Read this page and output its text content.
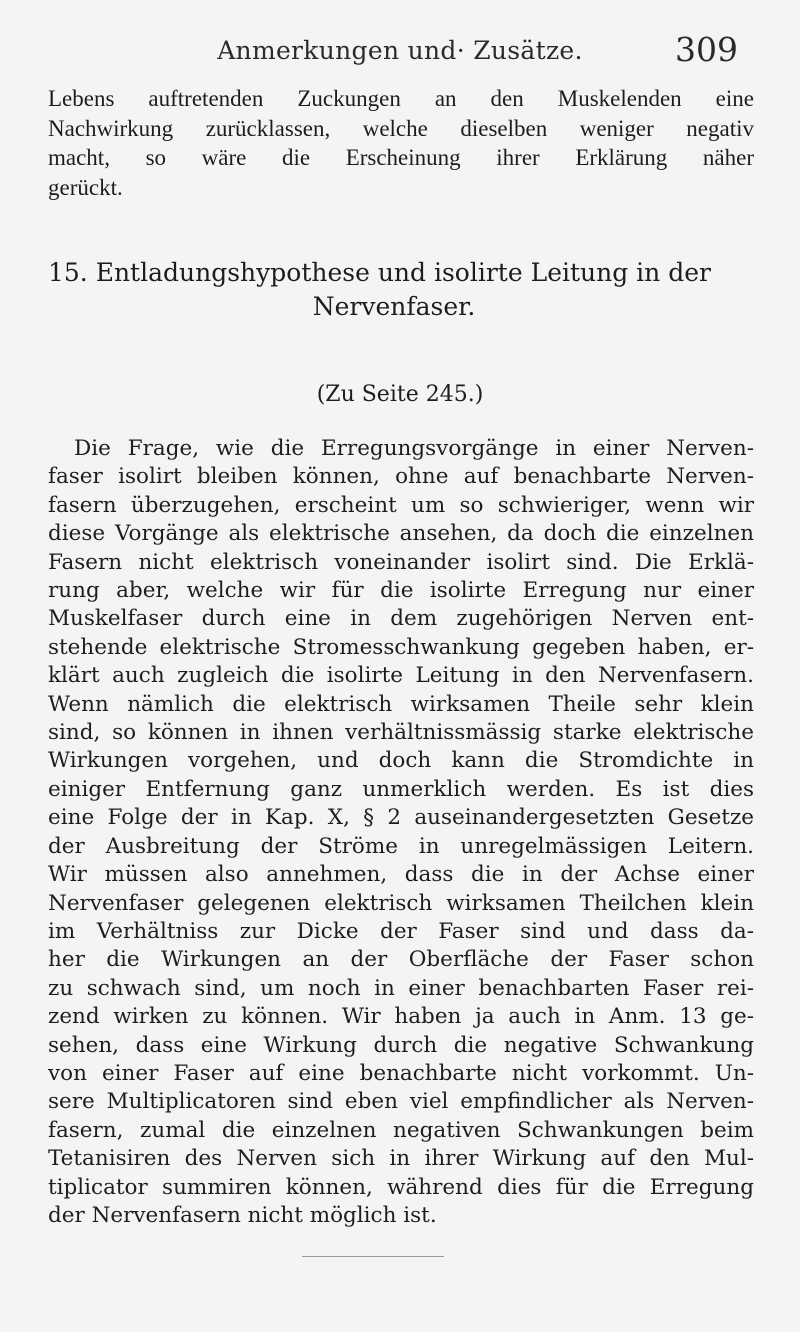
Anmerkungen und· Zusätze.	309
Lebens auftretenden Zuckungen an den Muskelenden eine
Nachwirkung zurücklassen, welche dieselben weniger negativ
macht, so wäre die Erscheinung ihrer Erklärung näher
gerückt.
15. Entladungshypothese und isolirte Leitung in der
Nervenfaser.
(Zu Seite 245.)
Die Frage, wie die Erregungsvorgänge in einer Nerven-
faser isolirt bleiben können, ohne auf benachbarte Nerven-
fasern überzugehen, erscheint um so schwieriger, wenn wir
diese Vorgänge als elektrische ansehen, da doch die einzelnen
Fasern nicht elektrisch voneinander isolirt sind. Die Erklä-
rung aber, welche wir für die isolirte Erregung nur einer
Muskelfaser durch eine in dem zugehörigen Nerven ent-
stehende elektrische Stromesschwankung gegeben haben, er-
klärt auch zugleich die isolirte Leitung in den Nervenfasern.
Wenn nämlich die elektrisch wirksamen Theile sehr klein
sind, so können in ihnen verhältnissmässig starke elektrische
Wirkungen vorgehen, und doch kann die Stromdichte in
einiger Entfernung ganz unmerklich werden. Es ist dies
eine Folge der in Kap. X, § 2 auseinandergesetzten Gesetze
der Ausbreitung der Ströme in unregelmässigen Leitern.
Wir müssen also annehmen, dass die in der Achse einer
Nervenfaser gelegenen elektrisch wirksamen Theilchen klein
im Verhältniss zur Dicke der Faser sind und dass da-
her die Wirkungen an der Oberfläche der Faser schon
zu schwach sind, um noch in einer benachbarten Faser rei-
zend wirken zu können. Wir haben ja auch in Anm. 13 ge-
sehen, dass eine Wirkung durch die negative Schwankung
von einer Faser auf eine benachbarte nicht vorkommt. Un-
sere Multiplicatoren sind eben viel empfindlicher als Nerven-
fasern, zumal die einzelnen negativen Schwankungen beim
Tetanisiren des Nerven sich in ihrer Wirkung auf den Mul-
tiplicator summiren können, während dies für die Erregung
der Nervenfasern nicht möglich ist.
